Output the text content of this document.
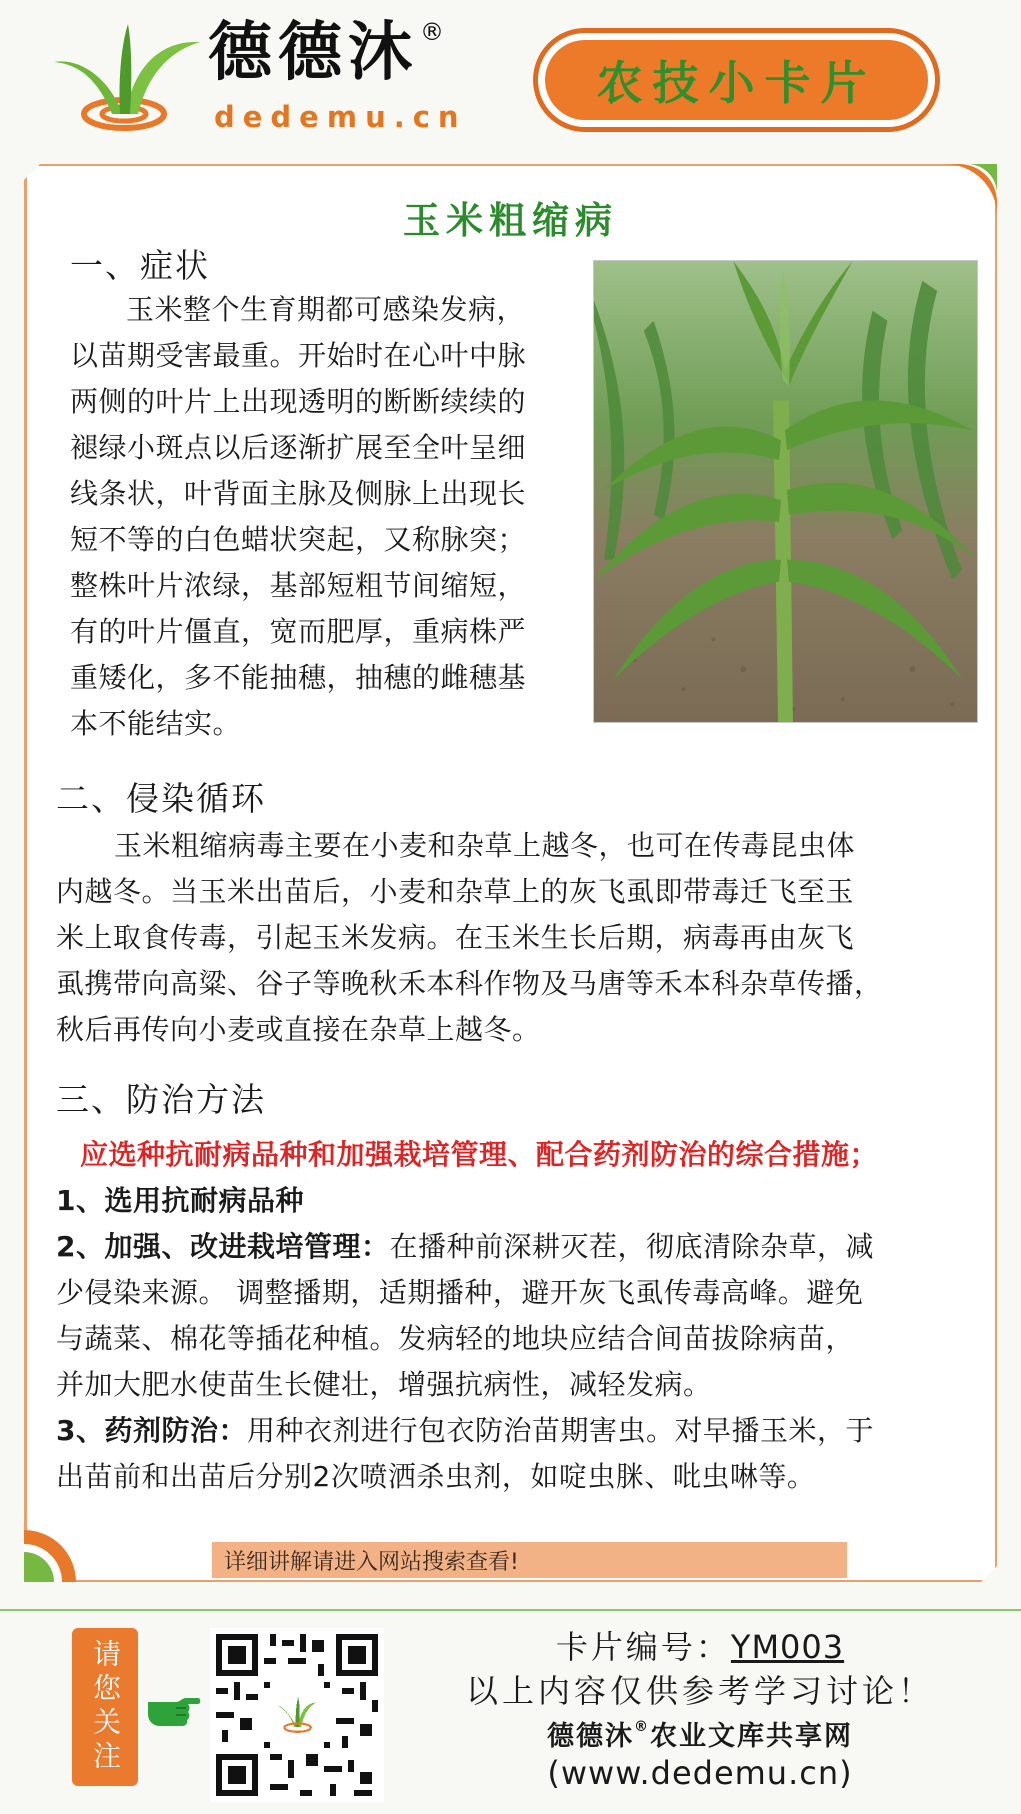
德德沐®
dedemu.cn
农技小卡片
玉米粗缩病
一、症状
玉米整个生育期都可感染发病，
以苗期受害最重。开始时在心叶中脉
两侧的叶片上出现透明的断断续续的
褪绿小斑点以后逐渐扩展至全叶呈细
线条状，叶背面主脉及侧脉上出现长
短不等的白色蜡状突起，又称脉突；
整株叶片浓绿，基部短粗节间缩短，
有的叶片僵直，宽而肥厚，重病株严
重矮化，多不能抽穗，抽穗的雌穗基
本不能结实。
二、侵染循环
玉米粗缩病毒主要在小麦和杂草上越冬，也可在传毒昆虫体
内越冬。当玉米出苗后，小麦和杂草上的灰飞虱即带毒迁飞至玉
米上取食传毒，引起玉米发病。在玉米生长后期，病毒再由灰飞
虱携带向高粱、谷子等晚秋禾本科作物及马唐等禾本科杂草传播，
秋后再传向小麦或直接在杂草上越冬。
三、防治方法
应选种抗耐病品种和加强栽培管理、配合药剂防治的综合措施；
1、选用抗耐病品种
2、加强、改进栽培管理：在播种前深耕灭茬，彻底清除杂草，减
少侵染来源。 调整播期，适期播种，避开灰飞虱传毒高峰。避免
与蔬菜、棉花等插花种植。发病轻的地块应结合间苗拔除病苗，
并加大肥水使苗生长健壮，增强抗病性，减轻发病。
3、药剂防治：用种衣剂进行包衣防治苗期害虫。对早播玉米，于
出苗前和出苗后分别2次喷洒杀虫剂，如啶虫脒、吡虫啉等。
详细讲解请进入网站搜索查看!
请您关注	卡片编号：YM003
以上内容仅供参考学习讨论！
德德沐®农业文库共享网
(www.dedemu.cn)
